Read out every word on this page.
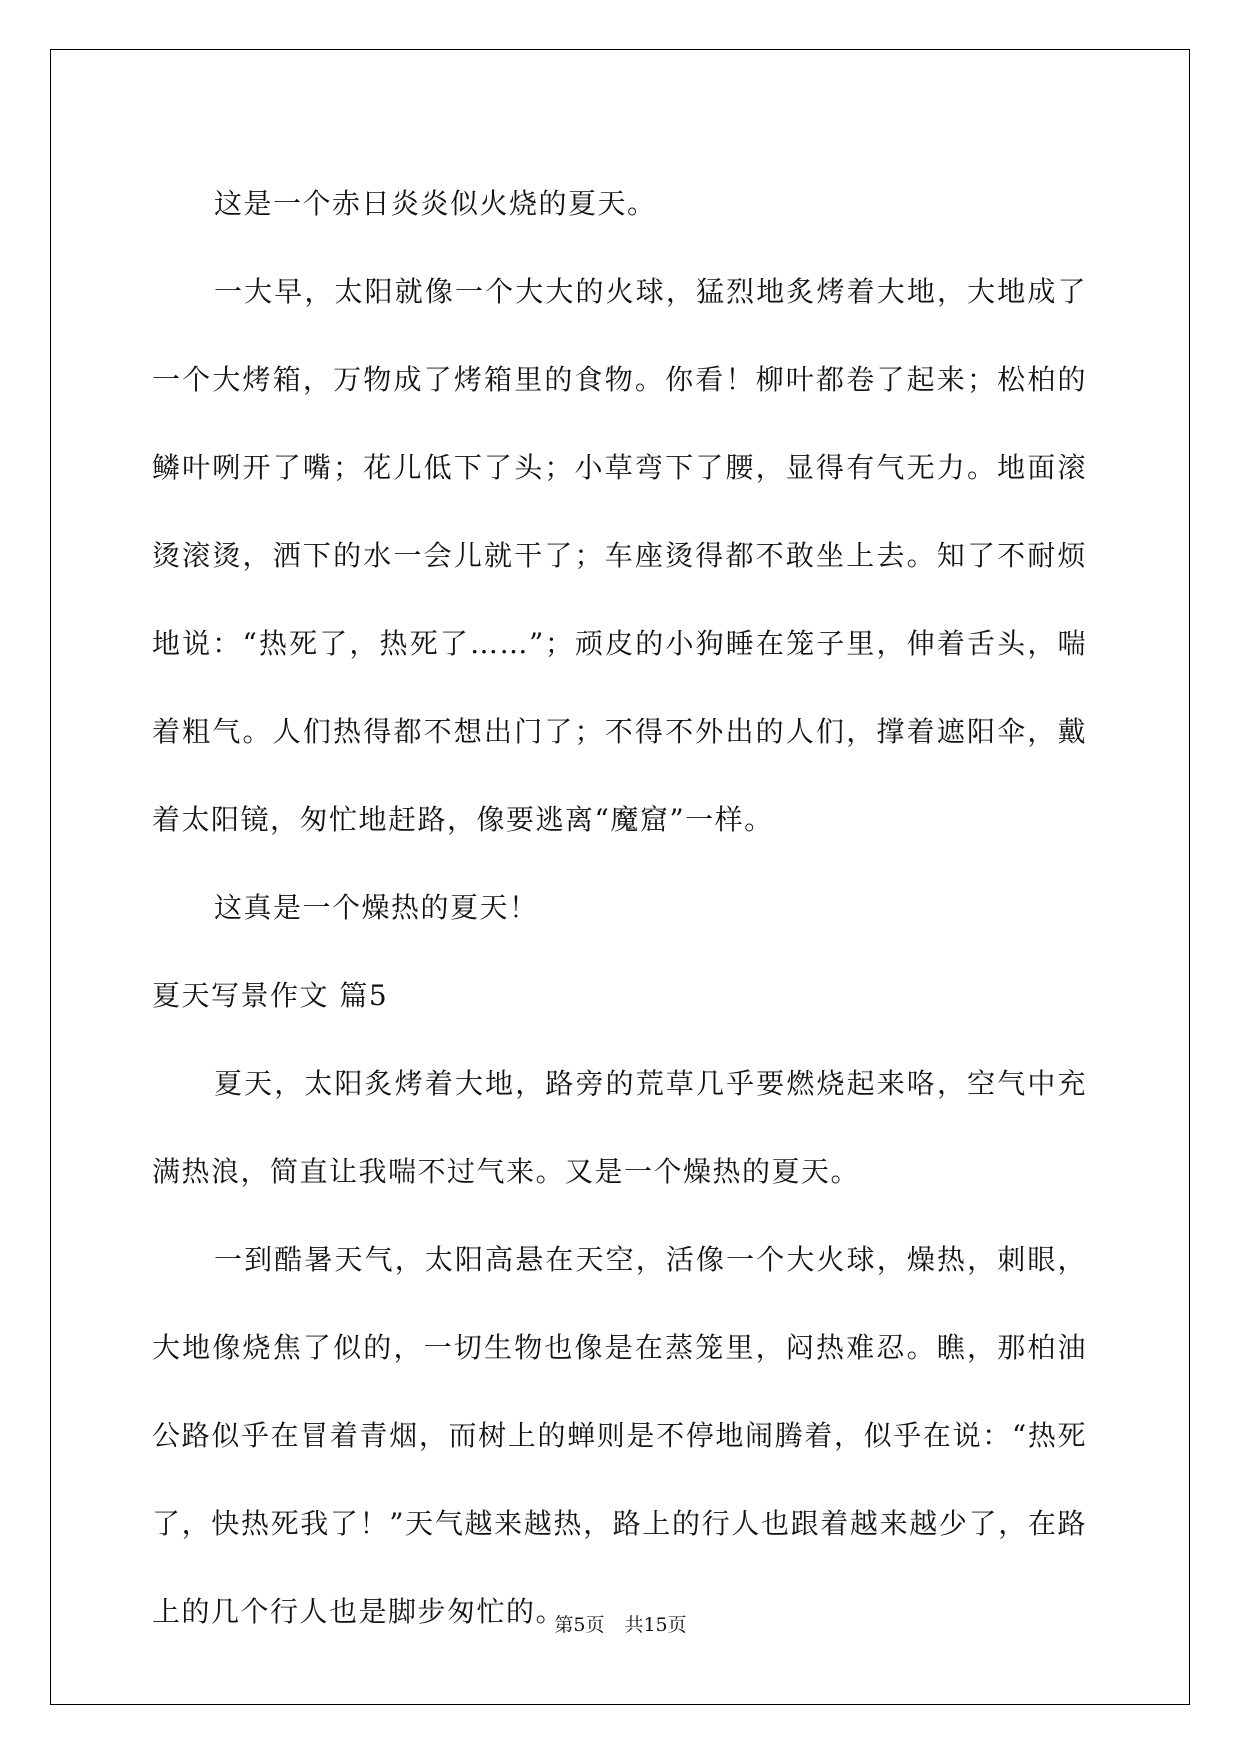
这是一个赤日炎炎似火烧的夏天。

一大早，太阳就像一个大大的火球，猛烈地炙烤着大地，大地成了一个大烤箱，万物成了烤箱里的食物。你看！柳叶都卷了起来；松柏的鳞叶咧开了嘴；花儿低下了头；小草弯下了腰，显得有气无力。地面滚烫滚烫，洒下的水一会儿就干了；车座烫得都不敢坐上去。知了不耐烦地说：“热死了，热死了……”；顽皮的小狗睡在笼子里，伸着舌头，喘着粗气。人们热得都不想出门了；不得不外出的人们，撑着遮阳伞，戴着太阳镜，匆忙地赶路，像要逃离“魔窟”一样。

这真是一个燥热的夏天！

夏天写景作文 篇5

夏天，太阳炙烤着大地，路旁的荒草几乎要燃烧起来咯，空气中充满热浪，简直让我喘不过气来。又是一个燥热的夏天。

一到酷暑天气，太阳高悬在天空，活像一个大火球，燥热，刺眼，大地像烧焦了似的，一切生物也像是在蒸笼里，闷热难忍。瞧，那柏油公路似乎在冒着青烟，而树上的蝉则是不停地闹腾着，似乎在说：“热死了，快热死我了！”天气越来越热，路上的行人也跟着越来越少了，在路上的几个行人也是脚步匆忙的。

第5页 共15页
